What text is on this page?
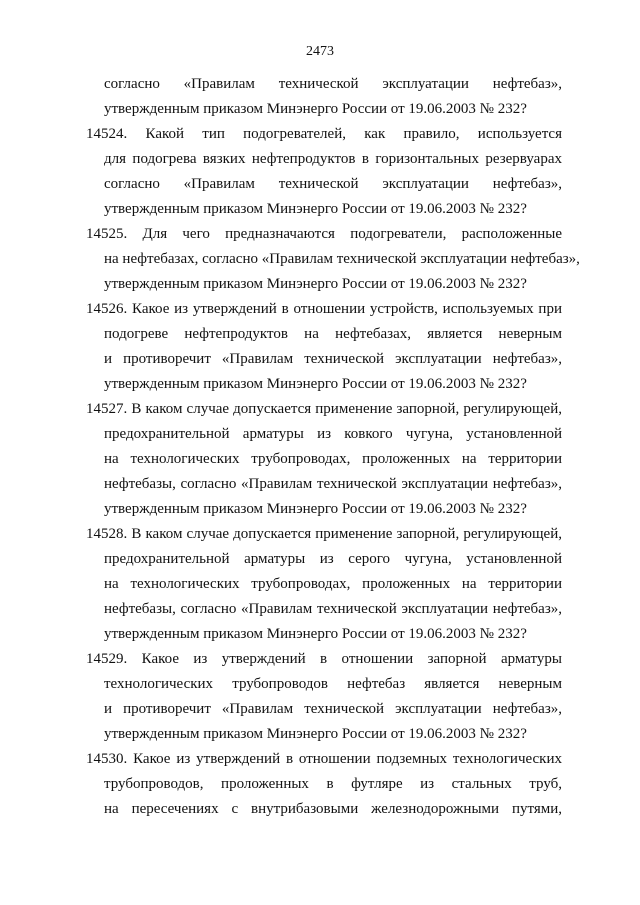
2473
согласно «Правилам технической эксплуатации нефтебаз»,
утвержденным приказом Минэнерго России от 19.06.2003 № 232?
14524. Какой тип подогревателей, как правило, используется
для подогрева вязких нефтепродуктов в горизонтальных резервуарах
согласно «Правилам технической эксплуатации нефтебаз»,
утвержденным приказом Минэнерго России от 19.06.2003 № 232?
14525. Для чего предназначаются подогреватели, расположенные
на нефтебазах, согласно «Правилам технической эксплуатации нефтебаз»,
утвержденным приказом Минэнерго России от 19.06.2003 № 232?
14526. Какое из утверждений в отношении устройств, используемых при
подогреве нефтепродуктов на нефтебазах, является неверным
и противоречит «Правилам технической эксплуатации нефтебаз»,
утвержденным приказом Минэнерго России от 19.06.2003 № 232?
14527. В каком случае допускается применение запорной, регулирующей,
предохранительной арматуры из ковкого чугуна, установленной
на технологических трубопроводах, проложенных на территории
нефтебазы, согласно «Правилам технической эксплуатации нефтебаз»,
утвержденным приказом Минэнерго России от 19.06.2003 № 232?
14528. В каком случае допускается применение запорной, регулирующей,
предохранительной арматуры из серого чугуна, установленной
на технологических трубопроводах, проложенных на территории
нефтебазы, согласно «Правилам технической эксплуатации нефтебаз»,
утвержденным приказом Минэнерго России от 19.06.2003 № 232?
14529. Какое из утверждений в отношении запорной арматуры
технологических трубопроводов нефтебаз является неверным
и противоречит «Правилам технической эксплуатации нефтебаз»,
утвержденным приказом Минэнерго России от 19.06.2003 № 232?
14530. Какое из утверждений в отношении подземных технологических
трубопроводов, проложенных в футляре из стальных труб,
на пересечениях с внутрибазовыми железнодорожными путями,
